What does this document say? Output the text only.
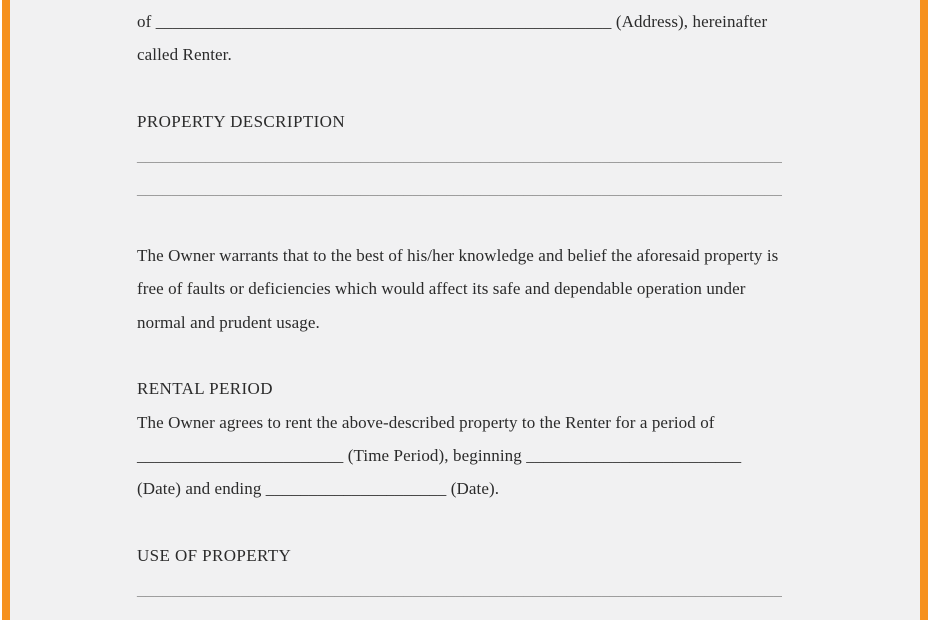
of _____________________________________________________ (Address), hereinafter

called Renter.

PROPERTY DESCRIPTION

___________________________________________________________________________

___________________________________________________________________________

The Owner warrants that to the best of his/her knowledge and belief the aforesaid property is

free of faults or deficiencies which would affect its safe and dependable operation under

normal and prudent usage.

RENTAL PERIOD

The Owner agrees to rent the above-described property to the Renter for a period of

________________________ (Time Period), beginning _________________________

(Date) and ending _____________________ (Date).

USE OF PROPERTY

___________________________________________________________________________
